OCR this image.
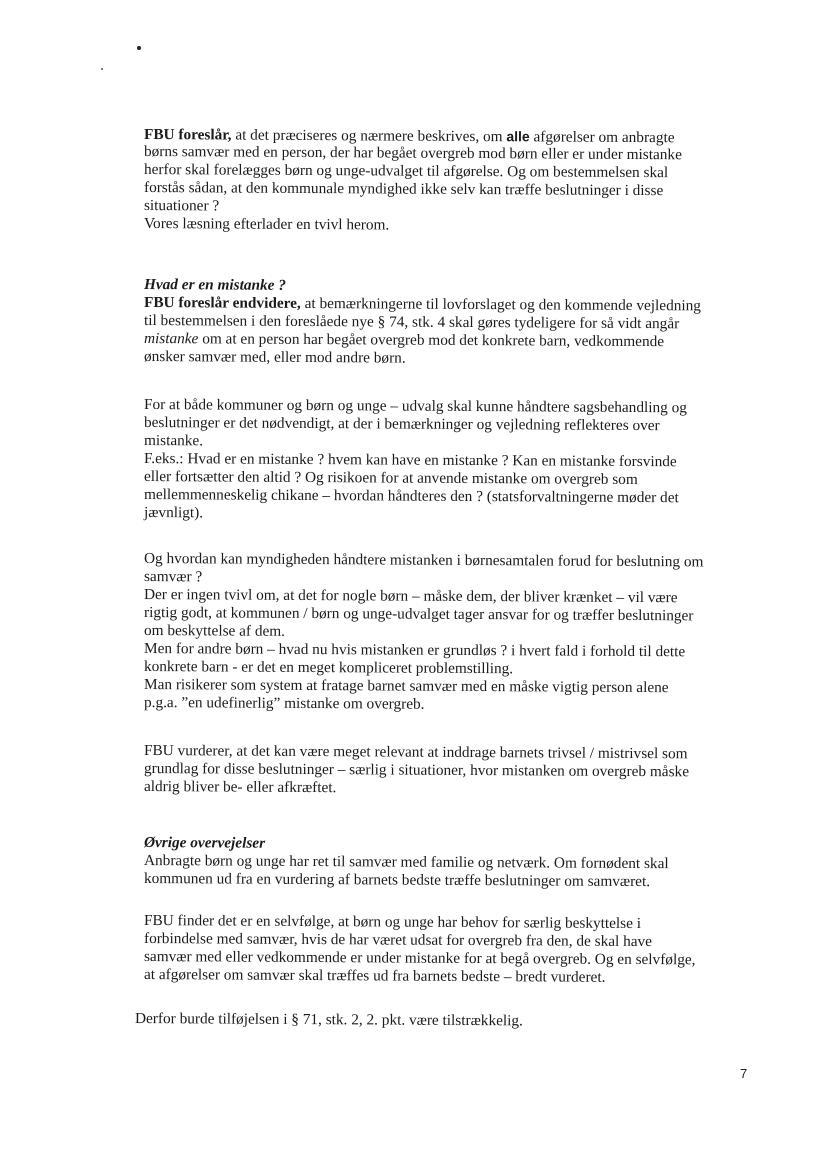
FBU foreslår, at det præciseres og nærmere beskrives, om alle afgørelser om anbragte
børns samvær med en person, der har begået overgreb mod børn eller er under mistanke
herfor skal forelægges børn og unge-udvalget til afgørelse. Og om bestemmelsen skal
forstås sådan, at den kommunale myndighed ikke selv kan træffe beslutninger i disse
situationer ?
Vores læsning efterlader en tvivl herom.
Hvad er en mistanke ?
FBU foreslår endvidere, at bemærkningerne til lovforslaget og den kommende vejledning
til bestemmelsen i den foreslåede nye § 74, stk. 4 skal gøres tydeligere for så vidt angår
mistanke om at en person har begået overgreb mod det konkrete barn, vedkommende
ønsker samvær med, eller mod andre børn.
For at både kommuner og børn og unge – udvalg skal kunne håndtere sagsbehandling og
beslutninger er det nødvendigt, at der i bemærkninger og vejledning reflekteres over
mistanke.
F.eks.: Hvad er en mistanke ? hvem kan have en mistanke ? Kan en mistanke forsvinde
eller fortsætter den altid ? Og risikoen for at anvende mistanke om overgreb som
mellemmenneskelig chikane – hvordan håndteres den ? (statsforvaltningerne møder det
jævnligt).
Og hvordan kan myndigheden håndtere mistanken i børnesamtalen forud for beslutning om
samvær ?
Der er ingen tvivl om, at det for nogle børn – måske dem, der bliver krænket – vil være
rigtig godt, at kommunen / børn og unge-udvalget tager ansvar for og træffer beslutninger
om beskyttelse af dem.
Men for andre børn – hvad nu hvis mistanken er grundløs ? i hvert fald i forhold til dette
konkrete barn - er det en meget kompliceret problemstilling.
Man risikerer som system at fratage barnet samvær med en måske vigtig person alene
p.g.a. ”en udefinerlig” mistanke om overgreb.
FBU vurderer, at det kan være meget relevant at inddrage barnets trivsel / mistrivsel som
grundlag for disse beslutninger – særlig i situationer, hvor mistanken om overgreb måske
aldrig bliver be- eller afkræftet.
Øvrige overvejelser
Anbragte børn og unge har ret til samvær med familie og netværk. Om fornødent skal
kommunen ud fra en vurdering af barnets bedste træffe beslutninger om samværet.
FBU finder det er en selvfølge, at børn og unge har behov for særlig beskyttelse i
forbindelse med samvær, hvis de har været udsat for overgreb fra den, de skal have
samvær med eller vedkommende er under mistanke for at begå overgreb. Og en selvfølge,
at afgørelser om samvær skal træffes ud fra barnets bedste – bredt vurderet.
Derfor burde tilføjelsen i § 71, stk. 2, 2. pkt. være tilstrækkelig.
7
